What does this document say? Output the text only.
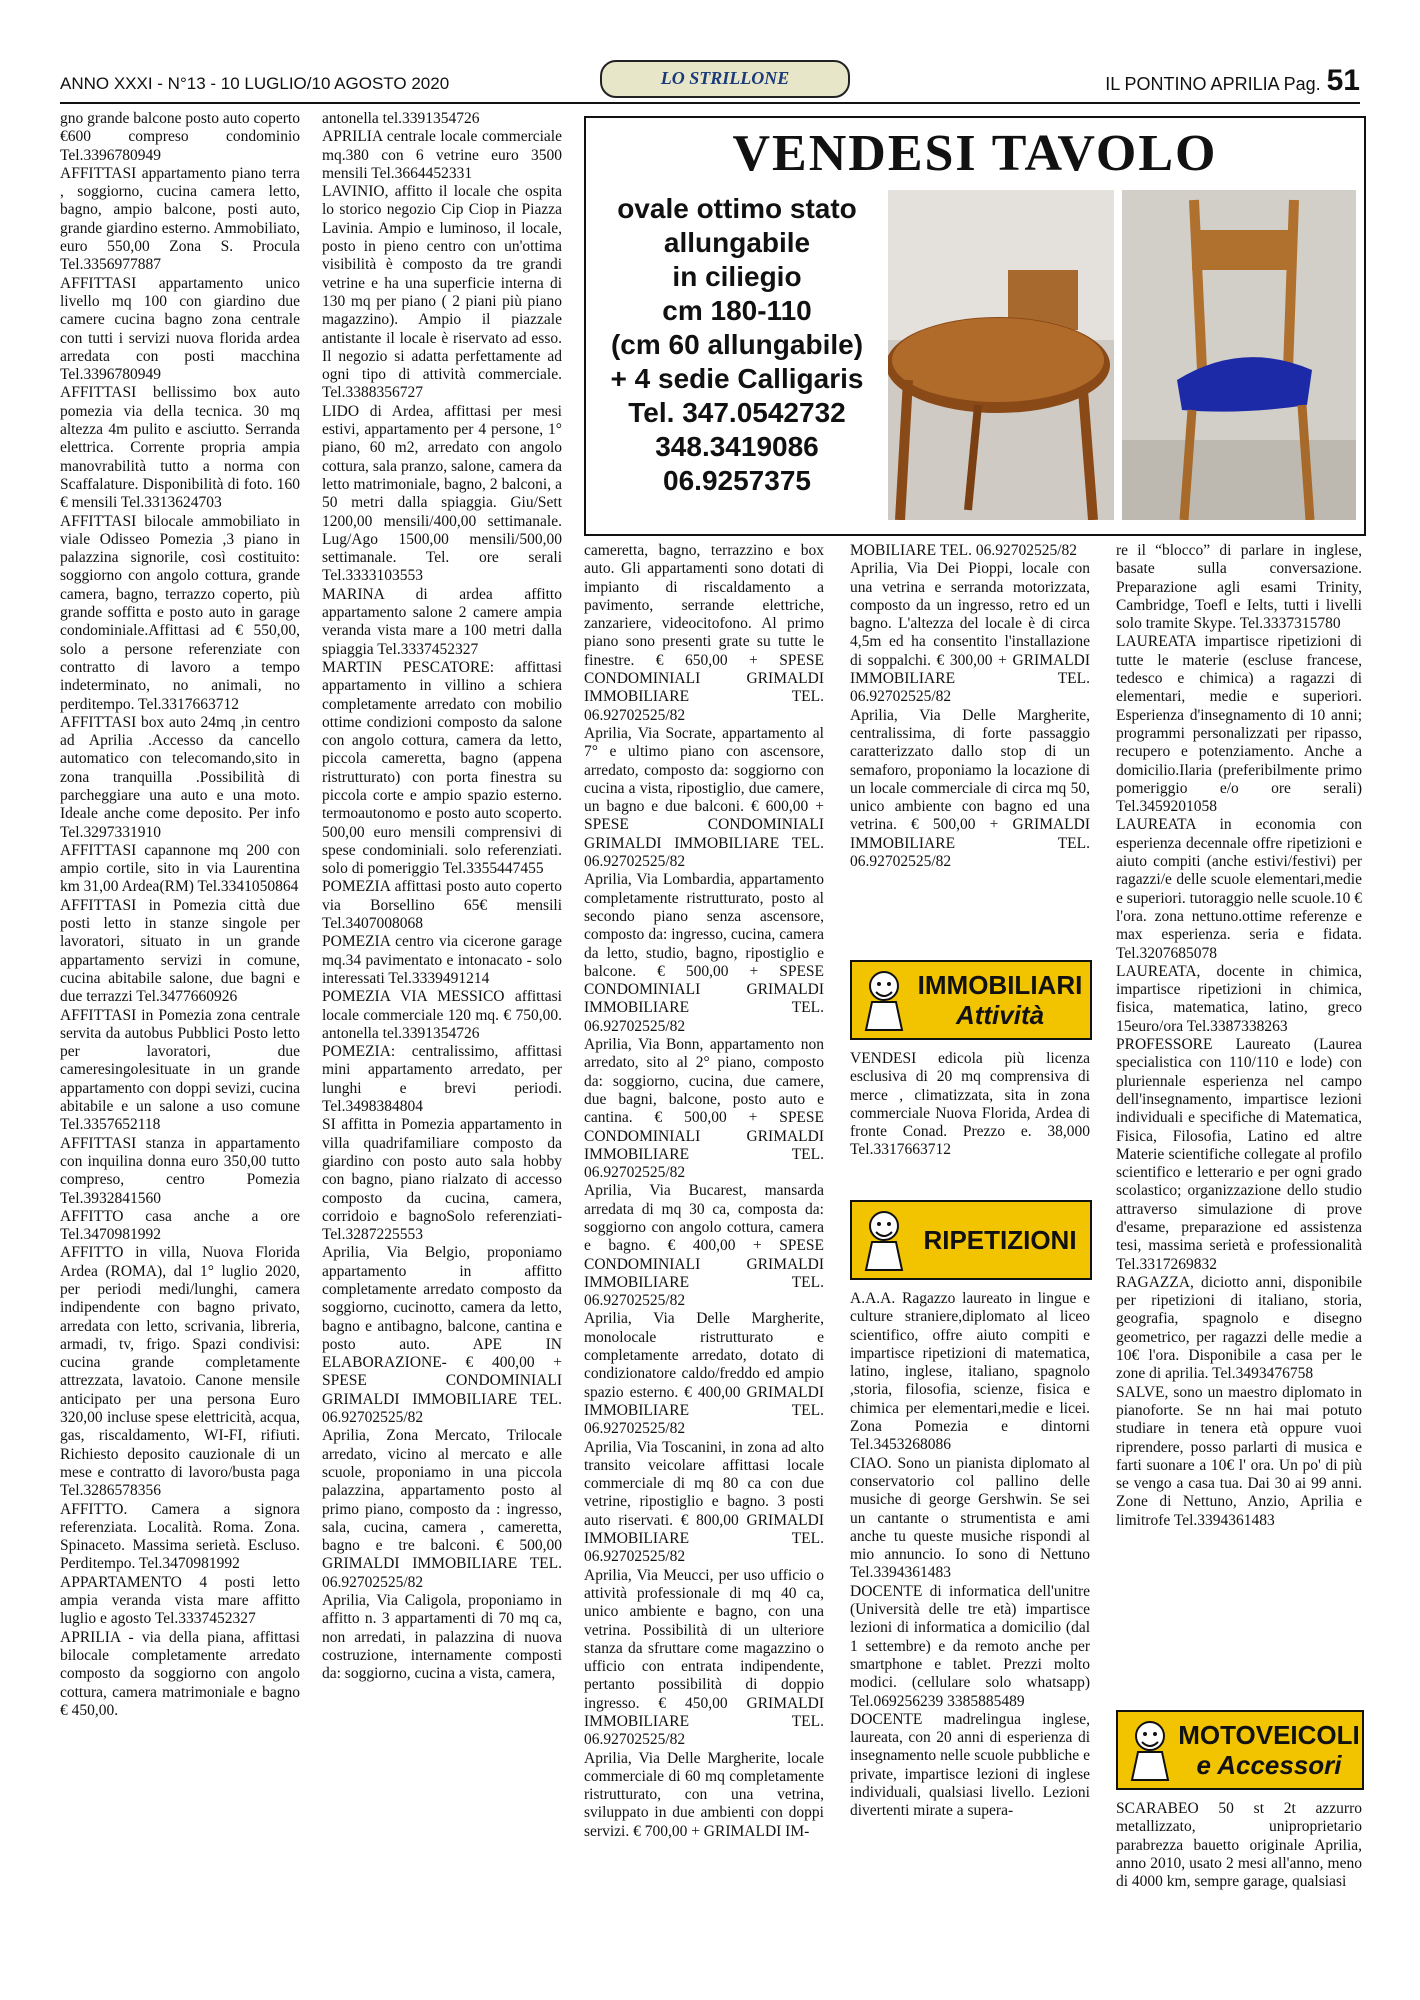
ANNO XXXI - N°13 - 10 LUGLIO/10 AGOSTO 2020	LO STRILLONE	IL PONTINO APRILIA Pag. 51

gno grande balcone posto auto coperto €600 compreso condominio Tel.3396780949

AFFITTASI appartamento piano terra , soggiorno, cucina camera letto, bagno, ampio balcone, posti auto, grande giardino esterno. Ammobiliato, euro 550,00 Zona S. Procula Tel.3356977887

AFFITTASI appartamento unico livello mq 100 con giardino due camere cucina bagno zona centrale con tutti i servizi nuova florida ardea arredata con posti macchina Tel.3396780949

AFFITTASI bellissimo box auto pomezia via della tecnica. 30 mq altezza 4m pulito e asciutto. Serranda elettrica. Corrente propria ampia manovrabilità tutto a norma con Scaffalature. Disponibilità di foto. 160 € mensili Tel.3313624703

AFFITTASI bilocale ammobiliato in viale Odisseo Pomezia ,3 piano in palazzina signorile, così costituito: soggiorno con angolo cottura, grande camera, bagno, terrazzo coperto, più grande soffitta e posto auto in garage condominiale.Affittasi ad € 550,00, solo a persone referenziate con contratto di lavoro a tempo indeterminato, no animali, no perditempo. Tel.3317663712

AFFITTASI box auto 24mq ,in centro ad Aprilia .Accesso da cancello automatico con telecomando,sito in zona tranquilla .Possibilità di parcheggiare una auto e una moto. Ideale anche come deposito. Per info Tel.3297331910

AFFITTASI capannone mq 200 con ampio cortile, sito in via Laurentina km 31,00 Ardea(RM) Tel.3341050864

AFFITTASI in Pomezia città due posti letto in stanze singole per lavoratori, situato in un grande appartamento servizi in comune, cucina abitabile salone, due bagni e due terrazzi Tel.3477660926

AFFITTASI in Pomezia zona centrale servita da autobus Pubblici Posto letto per lavoratori, due cameresingolesituate in un grande appartamento con doppi sevizi, cucina abitabile e un salone a uso comune Tel.3357652118

AFFITTASI stanza in appartamento con inquilina donna euro 350,00 tutto compreso, centro Pomezia Tel.3932841560

AFFITTO casa anche a ore Tel.3470981992

AFFITTO in villa, Nuova Florida Ardea (ROMA), dal 1° luglio 2020, per periodi medi/lunghi, camera indipendente con bagno privato, arredata con letto, scrivania, libreria, armadi, tv, frigo. Spazi condivisi: cucina grande completamente attrezzata, lavatoio. Canone mensile anticipato per una persona Euro 320,00 incluse spese elettricità, acqua, gas, riscaldamento, WI-FI, rifiuti. Richiesto deposito cauzionale di un mese e contratto di lavoro/busta paga Tel.3286578356

AFFITTO. Camera a signora referenziata. Località. Roma. Zona. Spinaceto. Massima serietà. Escluso. Perditempo. Tel.3470981992

APPARTAMENTO 4 posti letto ampia veranda vista mare affitto luglio e agosto Tel.3337452327

APRILIA - via della piana, affittasi bilocale completamente arredato composto da soggiorno con angolo cottura, camera matrimoniale e bagno € 450,00.

antonella tel.3391354726

APRILIA centrale locale commerciale mq.380 con 6 vetrine euro 3500 mensili Tel.3664452331

LAVINIO, affitto il locale che ospita lo storico negozio Cip Ciop in Piazza Lavinia. Ampio e luminoso, il locale, posto in pieno centro con un'ottima visibilità è composto da tre grandi vetrine e ha una superficie interna di 130 mq per piano ( 2 piani più piano magazzino). Ampio il piazzale antistante il locale è riservato ad esso. Il negozio si adatta perfettamente ad ogni tipo di attività commerciale. Tel.3388356727

LIDO di Ardea, affittasi per mesi estivi, appartamento per 4 persone, 1° piano, 60 m2, arredato con angolo cottura, sala pranzo, salone, camera da letto matrimoniale, bagno, 2 balconi, a 50 metri dalla spiaggia. Giu/Sett 1200,00 mensili/400,00 settimanale. Lug/Ago 1500,00 mensili/500,00 settimanale. Tel. ore serali Tel.3333103553

MARINA di ardea affitto appartamento salone 2 camere ampia veranda vista mare a 100 metri dalla spiaggia Tel.3337452327

MARTIN PESCATORE: affittasi appartamento in villino a schiera completamente arredato con mobilio ottime condizioni composto da salone con angolo cottura, camera da letto, piccola cameretta, bagno (appena ristrutturato) con porta finestra su piccola corte e ampio spazio esterno. termoautonomo e posto auto scoperto. 500,00 euro mensili comprensivi di spese condominiali. solo referenziati. solo di pomeriggio Tel.3355447455

POMEZIA affittasi posto auto coperto via Borsellino 65€ mensili Tel.3407008068

POMEZIA centro via cicerone garage mq.34 pavimentato e intonacato - solo interessati Tel.3339491214

POMEZIA VIA MESSICO affittasi locale commerciale 120 mq. € 750,00. antonella tel.3391354726

POMEZIA: centralissimo, affittasi mini appartamento arredato, per lunghi e brevi periodi. Tel.3498384804

SI affitta in Pomezia appartamento in villa quadrifamiliare composto da giardino con posto auto sala hobby con bagno, piano rialzato di accesso composto da cucina, camera, corridoio e bagnoSolo referenziati-Tel.3287225553

Aprilia, Via Belgio, proponiamo appartamento in affitto completamente arredato composto da soggiorno, cucinotto, camera da letto, bagno e antibagno, balcone, cantina e posto auto. APE IN ELABORAZIONE- € 400,00 + SPESE CONDOMINIALI GRIMALDI IMMOBILIARE TEL. 06.92702525/82

Aprilia, Zona Mercato, Trilocale arredato, vicino al mercato e alle scuole, proponiamo in una piccola palazzina, appartamento posto al primo piano, composto da : ingresso, sala, cucina, camera , cameretta, bagno e tre balconi. € 500,00 GRIMALDI IMMOBILIARE TEL. 06.92702525/82

Aprilia, Via Caligola, proponiamo in affitto n. 3 appartamenti di 70 mq ca, non arredati, in palazzina di nuova costruzione, internamente composti da: soggiorno, cucina a vista, camera,

VENDESI TAVOLO
ovale ottimo stato
allungabile
in ciliegio
cm 180-110
(cm 60 allungabile)
+ 4 sedie Calligaris
Tel. 347.0542732
348.3419086
06.9257375

cameretta, bagno, terrazzino e box auto. Gli appartamenti sono dotati di impianto di riscaldamento a pavimento, serrande elettriche, zanzariere, videocitofono. Al primo piano sono presenti grate su tutte le finestre. € 650,00 + SPESE CONDOMINIALI GRIMALDI IMMOBILIARE TEL. 06.92702525/82

Aprilia, Via Socrate, appartamento al 7° e ultimo piano con ascensore, arredato, composto da: soggiorno con cucina a vista, ripostiglio, due camere, un bagno e due balconi. € 600,00 + SPESE CONDOMINIALI GRIMALDI IMMOBILIARE TEL. 06.92702525/82

Aprilia, Via Lombardia, appartamento completamente ristrutturato, posto al secondo piano senza ascensore, composto da: ingresso, cucina, camera da letto, studio, bagno, ripostiglio e balcone. € 500,00 + SPESE CONDOMINIALI GRIMALDI IMMOBILIARE TEL. 06.92702525/82

Aprilia, Via Bonn, appartamento non arredato, sito al 2° piano, composto da: soggiorno, cucina, due camere, due bagni, balcone, posto auto e cantina. € 500,00 + SPESE CONDOMINIALI GRIMALDI IMMOBILIARE TEL. 06.92702525/82

Aprilia, Via Bucarest, mansarda arredata di mq 30 ca, composta da: soggiorno con angolo cottura, camera e bagno. € 400,00 + SPESE CONDOMINIALI GRIMALDI IMMOBILIARE TEL. 06.92702525/82

Aprilia, Via Delle Margherite, monolocale ristrutturato e completamente arredato, dotato di condizionatore caldo/freddo ed ampio spazio esterno. € 400,00 GRIMALDI IMMOBILIARE TEL. 06.92702525/82

Aprilia, Via Toscanini, in zona ad alto transito veicolare affittasi locale commerciale di mq 80 ca con due vetrine, ripostiglio e bagno. 3 posti auto riservati. € 800,00 GRIMALDI IMMOBILIARE TEL. 06.92702525/82

Aprilia, Via Meucci, per uso ufficio o attività professionale di mq 40 ca, unico ambiente e bagno, con una vetrina. Possibilità di un ulteriore stanza da sfruttare come magazzino o ufficio con entrata indipendente, pertanto possibilità di doppio ingresso. € 450,00 GRIMALDI IMMOBILIARE TEL. 06.92702525/82

Aprilia, Via Delle Margherite, locale commerciale di 60 mq completamente ristrutturato, con una vetrina, sviluppato in due ambienti con doppi servizi. € 700,00 + GRIMALDI IM-

MOBILIARE TEL. 06.92702525/82

Aprilia, Via Dei Pioppi, locale con una vetrina e serranda motorizzata, composto da un ingresso, retro ed un bagno. L'altezza del locale è di circa 4,5m ed ha consentito l'installazione di soppalchi. € 300,00 + GRIMALDI IMMOBILIARE TEL. 06.92702525/82

Aprilia, Via Delle Margherite, centralissima, di forte passaggio caratterizzato dallo stop di un semaforo, proponiamo la locazione di un locale commerciale di circa mq 50, unico ambiente con bagno ed una vetrina. € 500,00 + GRIMALDI IMMOBILIARE TEL. 06.92702525/82

IMMOBILIARI
Attività

VENDESI edicola più licenza esclusiva di 20 mq comprensiva di merce , climatizzata, sita in zona commerciale Nuova Florida, Ardea di fronte Conad. Prezzo e. 38,000 Tel.3317663712

RIPETIZIONI

A.A.A. Ragazzo laureato in lingue e culture straniere,diplomato al liceo scientifico, offre aiuto compiti e impartisce ripetizioni di matematica, latino, inglese, italiano, spagnolo ,storia, filosofia, scienze, fisica e chimica per elementari,medie e licei. Zona Pomezia e dintorni Tel.3453268086

CIAO. Sono un pianista diplomato al conservatorio col pallino delle musiche di george Gershwin. Se sei un cantante o strumentista e ami anche tu queste musiche rispondi al mio annuncio. Io sono di Nettuno Tel.3394361483

DOCENTE di informatica dell'unitre (Università delle tre età) impartisce lezioni di informatica a domicilio (dal 1 settembre) e da remoto anche per smartphone e tablet. Prezzi molto modici. (cellulare solo whatsapp) Tel.069256239 3385885489

DOCENTE madrelingua inglese, laureata, con 20 anni di esperienza di insegnamento nelle scuole pubbliche e private, impartisce lezioni di inglese individuali, qualsiasi livello. Lezioni divertenti mirate a supera-

re il “blocco” di parlare in inglese, basate sulla conversazione. Preparazione agli esami Trinity, Cambridge, Toefl e Ielts, tutti i livelli solo tramite Skype. Tel.3337315780

LAUREATA impartisce ripetizioni di tutte le materie (escluse francese, tedesco e chimica) a ragazzi di elementari, medie e superiori. Esperienza d'insegnamento di 10 anni; programmi personalizzati per ripasso, recupero e potenziamento. Anche a domicilio.Ilaria (preferibilmente primo pomeriggio e/o ore serali) Tel.3459201058

LAUREATA in economia con esperienza decennale offre ripetizioni e aiuto compiti (anche estivi/festivi) per ragazzi/e delle scuole elementari,medie e superiori. tutoraggio nelle scuole.10 € l'ora. zona nettuno.ottime referenze e max esperienza. seria e fidata. Tel.3207685078

LAUREATA, docente in chimica, impartisce ripetizioni in chimica, fisica, matematica, latino, greco 15euro/ora Tel.3387338263

PROFESSORE Laureato (Laurea specialistica con 110/110 e lode) con pluriennale esperienza nel campo dell'insegnamento, impartisce lezioni individuali e specifiche di Matematica, Fisica, Filosofia, Latino ed altre Materie scientifiche collegate al profilo scientifico e letterario e per ogni grado scolastico; organizzazione dello studio attraverso simulazione di prove d'esame, preparazione ed assistenza tesi, massima serietà e professionalità Tel.3317269832

RAGAZZA, diciotto anni, disponibile per ripetizioni di italiano, storia, geografia, spagnolo e disegno geometrico, per ragazzi delle medie a 10€ l'ora. Disponibile a casa per le zone di aprilia. Tel.3493476758

SALVE, sono un maestro diplomato in pianoforte. Se nn hai mai potuto studiare in tenera età oppure vuoi riprendere, posso parlarti di musica e farti suonare a 10€ l' ora. Un po' di più se vengo a casa tua. Dai 30 ai 99 anni. Zone di Nettuno, Anzio, Aprilia e limitrofe Tel.3394361483

MOTOVEICOLI
e Accessori

SCARABEO 50 st 2t azzurro metallizzato, uniproprietario parabrezza bauetto originale Aprilia, anno 2010, usato 2 mesi all'anno, meno di 4000 km, sempre garage, qualsiasi
